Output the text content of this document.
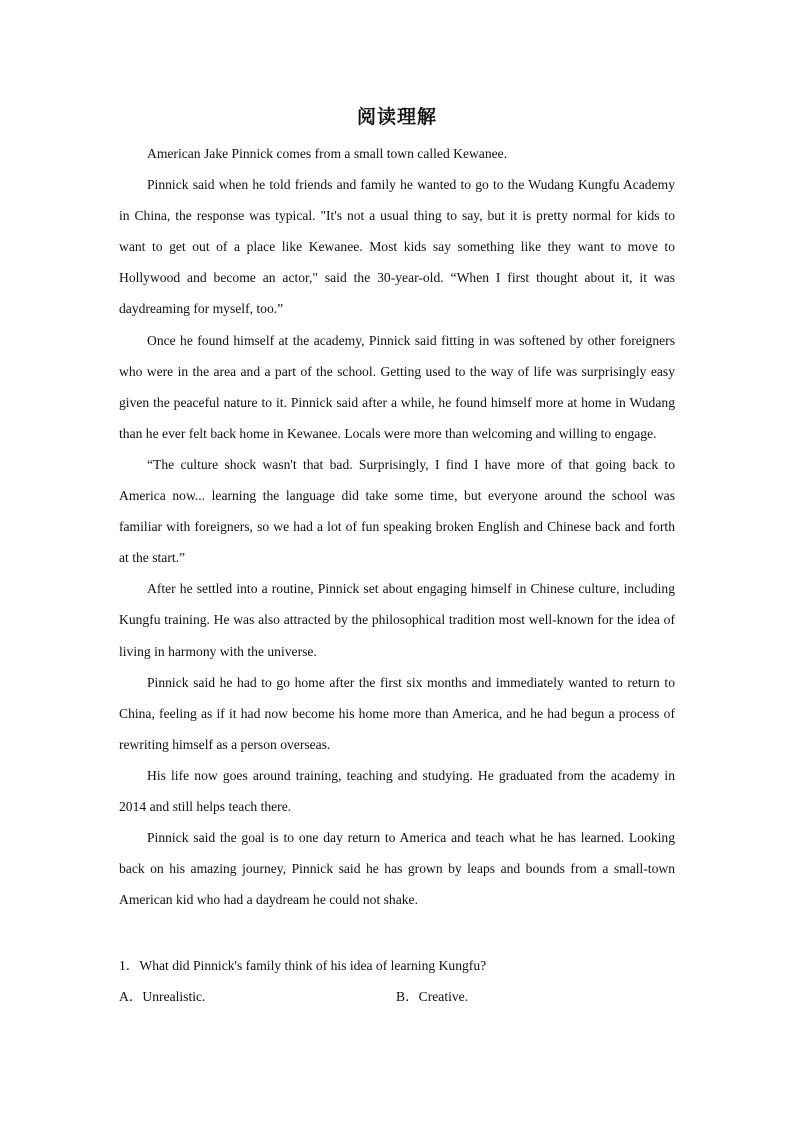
阅读理解

American Jake Pinnick comes from a small town called Kewanee.

Pinnick said when he told friends and family he wanted to go to the Wudang Kungfu Academy in China, the response was typical. "It's not a usual thing to say, but it is pretty normal for kids to want to get out of a place like Kewanee. Most kids say something like they want to move to Hollywood and become an actor," said the 30-year-old. “When I first thought about it, it was daydreaming for myself, too.”

Once he found himself at the academy, Pinnick said fitting in was softened by other foreigners who were in the area and a part of the school. Getting used to the way of life was surprisingly easy given the peaceful nature to it. Pinnick said after a while, he found himself more at home in Wudang than he ever felt back home in Kewanee. Locals were more than welcoming and willing to engage.

“The culture shock wasn't that bad. Surprisingly, I find I have more of that going back to America now... learning the language did take some time, but everyone around the school was familiar with foreigners, so we had a lot of fun speaking broken English and Chinese back and forth at the start.”

After he settled into a routine, Pinnick set about engaging himself in Chinese culture, including Kungfu training. He was also attracted by the philosophical tradition most well-known for the idea of living in harmony with the universe.

Pinnick said he had to go home after the first six months and immediately wanted to return to China, feeling as if it had now become his home more than America, and he had begun a process of rewriting himself as a person overseas.

His life now goes around training, teaching and studying. He graduated from the academy in 2014 and still helps teach there.

Pinnick said the goal is to one day return to America and teach what he has learned. Looking back on his amazing journey, Pinnick said he has grown by leaps and bounds from a small-town American kid who had a daydream he could not shake.

1．What did Pinnick's family think of his idea of learning Kungfu?
A．Unrealistic.	B．Creative.
